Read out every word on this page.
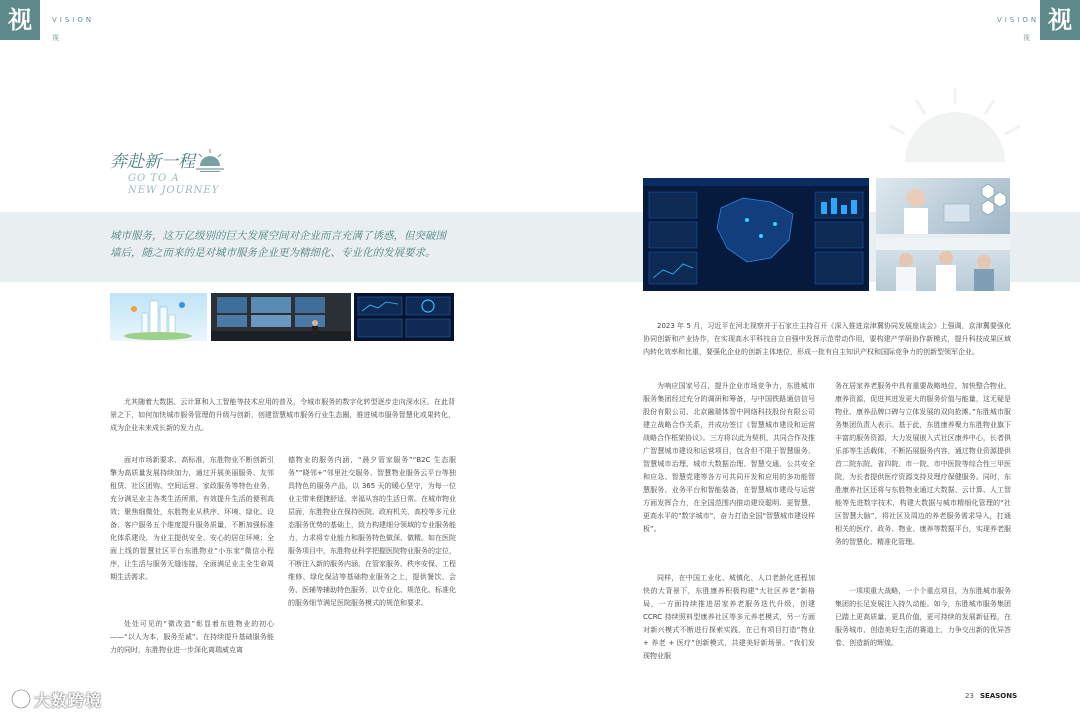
视	视
VISION
视
VISION
视
奔赴新一程
GO TO A
NEW JOURNEY
城市服务，这万亿级别的巨大发展空间对企业而言充满了诱惑，但突破围墙后，随之而来的是对城市服务企业更为精细化、专业化的发展要求。

尤其随着大数据、云计算和人工智能等技术应用的普及，令城市服务的数字化转型逐步走向深水区。在此背景之下，如何加快城市服务管理的升级与创新，创建智慧城市服务行业生态圈，推进城市服务智慧化或果转化，成为企业未来成长新的发力点。

面对市场新要求、高标准，东胜物业不断创新引擎为高质量发展持续加力，通过开展美丽服务、友邻租赁、社区团购、空间运营、家政服务等特色业务，充分满足业主各类生活所需，有效提升生活的便利高效；聚焦细微处，东胜物业从秩序、环境、绿化、设备、客户服务五个维度提升服务质量，不断加强标准化体系建设，为业主提供安全、安心的居住环境；全面上线的智慧社区平台东胜物业“小东家”微信小程序，让生活与服务无缝连接，全面满足业主全生命周期生活需求。

处处可见的“微改造”彰显着东胜物业的初心——“以人为本，服务至诚”。在持续提升基础服务能力的同时，东胜物业进一步深化离瑞威克离

德物业的服务内涵，“晨夕管家服务”“B2C 生态服务”“晓邻+”邻里社交服务、智慧物业服务云平台等独具特色的服务产品，以 365 天的暖心坚守，为每一位业主带来便捷舒适、幸福从容的生活日常。在城市物业层面，东胜物业在保持医院、政府机关、高校等多元业态服务优势的基础上，致力构建细分领域的专业服务能力，力求将专业能力和服务特色做深、做精。如在医院服务项目中，东胜物业科学把握医院物业服务的定位，不断注入新的服务内涵，在管家服务、秩序安保、工程维修、绿化保洁等基础物业服务之上，提供餐饮、会务、医辅等辅助特色服务，以专业化、规范化、标准化的服务细节满足医院服务模式的规范和要求。

2023 年 5 月，习近平在河北视察并于石家庄主持召开《深入推进京津冀协同发展座谈会》上强调，京津冀要强化协同创新和产业协作，在实现高水平科技自立自强中发挥示范带动作用，要构建产学研协作新模式，提升科技成果区域内转化效率和比重，要强化企业的创新主体地位，形成一批有自主知识产权和国际竞争力的创新型领军企业。

为响应国家号召，提升企业市场竞争力，东胜城市服务集团经过充分的调研和筹备，与中国铁路通信信号股份有限公司、北京融瑞体智中网络科技股份有限公司建立战略合作关系，并成功签订《智慧城市建设和运营战略合作框架协议》。三方将以此为契机，共同合作及推广智慧城市建设和运营项目，包含但不限于智慧服务、智慧城市治理、城市大数据治理、智慧交通、公共安全和应急、智慧党建等各方可共同开发和应用的多功能智慧服务、业务平台和智能装备，在智慧城市建设与运营方面发挥合力，在全国范围内推动建设聪明、更智慧、更高水平的“数字城市”，奋力打造全国“智慧城市建设样板”。

同样，在中国工业化、城镇化、人口老龄化进程加快的大背景下，东胜康养积极构建“大社区养老”新格局，一方面持续推进居家养老服务迭代升级，创建 CCRC 持续照料型康养社区等多元养老模式，另一方面对新兴模式不断进行探索实践，在已有项目打造“物业 + 养老 + 医疗”创新模式，共建美好新场景。“我们发现物业服

务在居家养老服务中具有重要战略地位，加快整合物业、康养资源，促进其进发更大的服务价值与能量，这无疑是物业、康养品牌口碑与立体发展的双向抢滩。”东胜城市服务集团负责人表示。基于此，东胜康养聚力东胜物业旗下丰富的服务资源，大力发展嵌入式社区康养中心，长者俱乐部等生活载体，不断拓展服务内容，通过物业资源提供首二院东院、省四院、市一院、市中医院等综合性三甲医院，为长者提供医疗资源支持及理疗保健服务。同时，东胜康养社区还将与东胜物业通过大数据、云计算、人工智能等先进数字技术，构建大数据与城市精细化管理的“社区智慧大脑”，将社区及周边的养老服务需求导入，打通相关的医疗、政务、物业、康养等数据平台，实现养老服务的智慧化、精准化管理。

一项项重大战略，一个个重点项目，为东胜城市服务集团的长足发展注入持久动能。如今，东胜城市服务集团已踏上更高质量、更具价值，更可持续的发展新征程，在服务城市、创造美好生活的赛道上，力争交出新的优异答卷、创造新的辉煌。

23 SEASONS
大数跨境
